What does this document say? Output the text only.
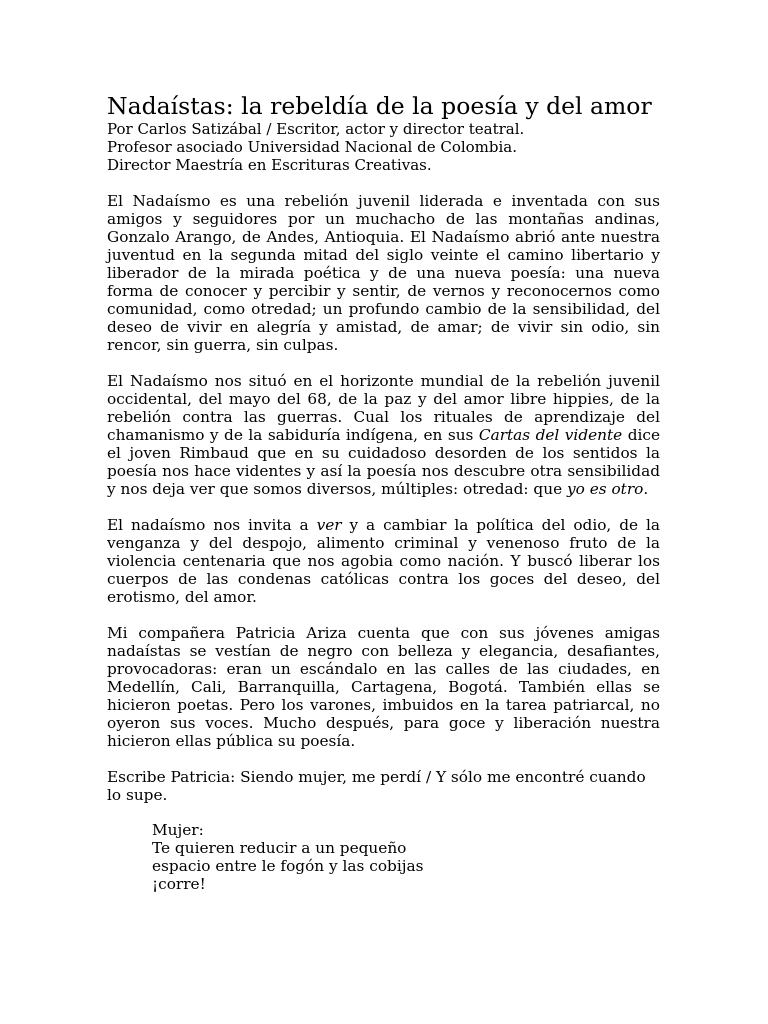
Nadaístas: la rebeldía de la poesía y del amor
Por Carlos Satizábal / Escritor, actor y director teatral.
Profesor asociado Universidad Nacional de Colombia.
Director Maestría en Escrituras Creativas.

El Nadaísmo es una rebelión juvenil liderada e inventada con sus amigos y seguidores por un muchacho de las montañas andinas, Gonzalo Arango, de Andes, Antioquia. El Nadaísmo abrió ante nuestra juventud en la segunda mitad del siglo veinte el camino libertario y liberador de la mirada poética y de una nueva poesía: una nueva forma de conocer y percibir y sentir, de vernos y reconocernos como comunidad, como otredad; un profundo cambio de la sensibilidad, del deseo de vivir en alegría y amistad, de amar; de vivir sin odio, sin rencor, sin guerra, sin culpas.

El Nadaísmo nos situó en el horizonte mundial de la rebelión juvenil occidental, del mayo del 68, de la paz y del amor libre hippies, de la rebelión contra las guerras. Cual los rituales de aprendizaje del chamanismo y de la sabiduría indígena, en sus Cartas del vidente dice el joven Rimbaud que en su cuidadoso desorden de los sentidos la poesía nos hace videntes y así la poesía nos descubre otra sensibilidad y nos deja ver que somos diversos, múltiples: otredad: que yo es otro.

El nadaísmo nos invita a ver y a cambiar la política del odio, de la venganza y del despojo, alimento criminal y venenoso fruto de la violencia centenaria que nos agobia como nación. Y buscó liberar los cuerpos de las condenas católicas contra los goces del deseo, del erotismo, del amor.

Mi compañera Patricia Ariza cuenta que con sus jóvenes amigas nadaístas se vestían de negro con belleza y elegancia, desafiantes, provocadoras: eran un escándalo en las calles de las ciudades, en Medellín, Cali, Barranquilla, Cartagena, Bogotá. También ellas se hicieron poetas. Pero los varones, imbuidos en la tarea patriarcal, no oyeron sus voces. Mucho después, para goce y liberación nuestra hicieron ellas pública su poesía.

Escribe Patricia: Siendo mujer, me perdí / Y sólo me encontré cuando lo supe.

Mujer:
Te quieren reducir a un pequeño
espacio entre le fogón y las cobijas
¡corre!
